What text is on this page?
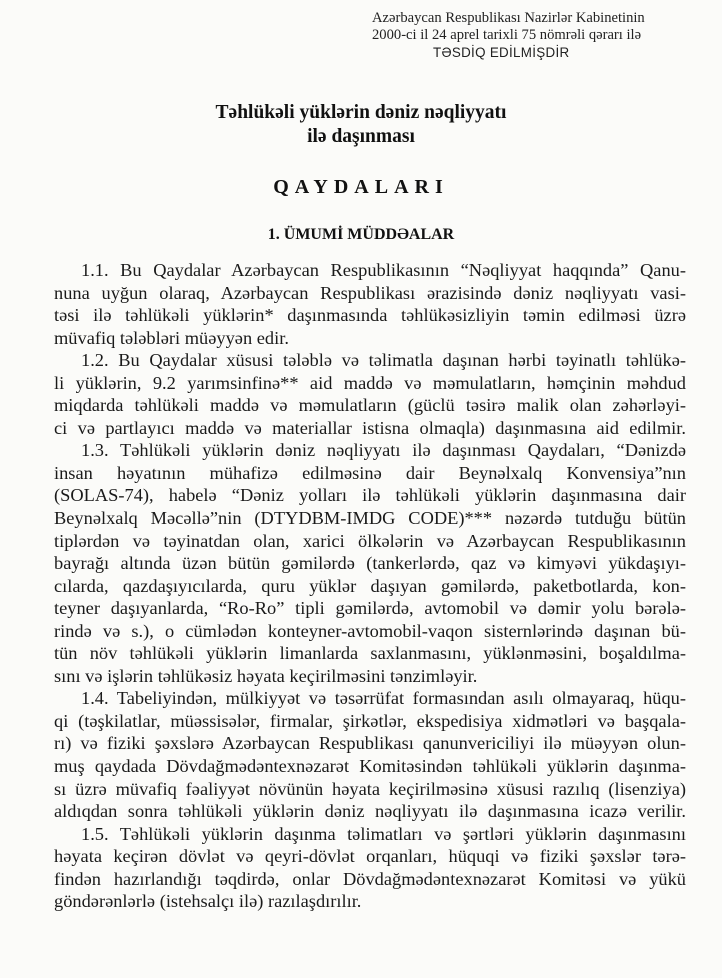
Azərbaycan Respublikası Nazirlər Kabinetinin
2000-ci il 24 aprel tarixli 75 nömrəli qərarı ilə
TƏSDİQ EDİLMİŞDİR
Təhlükəli yüklərin dəniz nəqliyyatı
ilə daşınması
QAYDALARI
1. ÜMUMİ MÜDDƏALAR
1.1. Bu Qaydalar Azərbaycan Respublikasının “Nəqliyyat haqqında” Qanu-
nuna uyğun olaraq, Azərbaycan Respublikası ərazisində dəniz nəqliyyatı vasi-
təsi ilə təhlükəli yüklərin* daşınmasında təhlükəsizliyin təmin edilməsi üzrə
müvafiq tələbləri müəyyən edir.
1.2. Bu Qaydalar xüsusi tələblə və təlimatla daşınan hərbi təyinatlı təhlükə-
li yüklərin, 9.2 yarımsinfinə** aid maddə və məmulatların, həmçinin məhdud
miqdarda təhlükəli maddə və məmulatların (güclü təsirə malik olan zəhərləyi-
ci və partlayıcı maddə və materiallar istisna olmaqla) daşınmasına aid edilmir.
1.3. Təhlükəli yüklərin dəniz nəqliyyatı ilə daşınması Qaydaları, “Dənizdə
insan həyatının mühafizə edilməsinə dair Beynəlxalq Konvensiya”nın
(SOLAS-74), habelə “Dəniz yolları ilə təhlükəli yüklərin daşınmasına dair
Beynəlxalq Məcəllə”nin (DTYDBM-IMDG CODE)*** nəzərdə tutduğu bütün
tiplərdən və təyinatdan olan, xarici ölkələrin və Azərbaycan Respublikasının
bayrağı altında üzən bütün gəmilərdə (tankerlərdə, qaz və kimyəvi yükdaşıyı-
cılarda, qazdaşıyıcılarda, quru yüklər daşıyan gəmilərdə, paketbotlarda, kon-
teyner daşıyanlarda, “Ro-Ro” tipli gəmilərdə, avtomobil və dəmir yolu bərələ-
rində və s.), o cümlədən konteyner-avtomobil-vaqon sisternlərində daşınan bü-
tün növ təhlükəli yüklərin limanlarda saxlanmasını, yüklənməsini, boşaldılma-
sını və işlərin təhlükəsiz həyata keçirilməsini tənzimləyir.
1.4. Tabeliyindən, mülkiyyət və təsərrüfat formasından asılı olmayaraq, hüqu-
qi (təşkilatlar, müəssisələr, firmalar, şirkətlər, ekspedisiya xidmətləri və başqala-
rı) və fiziki şəxslərə Azərbaycan Respublikası qanunvericiliyi ilə müəyyən olun-
muş qaydada Dövdağmədəntexnəzarət Komitəsindən təhlükəli yüklərin daşınma-
sı üzrə müvafiq fəaliyyət növünün həyata keçirilməsinə xüsusi razılıq (lisenziya)
aldıqdan sonra təhlükəli yüklərin dəniz nəqliyyatı ilə daşınmasına icazə verilir.
1.5. Təhlükəli yüklərin daşınma təlimatları və şərtləri yüklərin daşınmasını
həyata keçirən dövlət və qeyri-dövlət orqanları, hüquqi və fiziki şəxslər tərə-
findən hazırlandığı təqdirdə, onlar Dövdağmədəntexnəzarət Komitəsi və yükü
göndərənlərlə (istehsalçı ilə) razılaşdırılır.
